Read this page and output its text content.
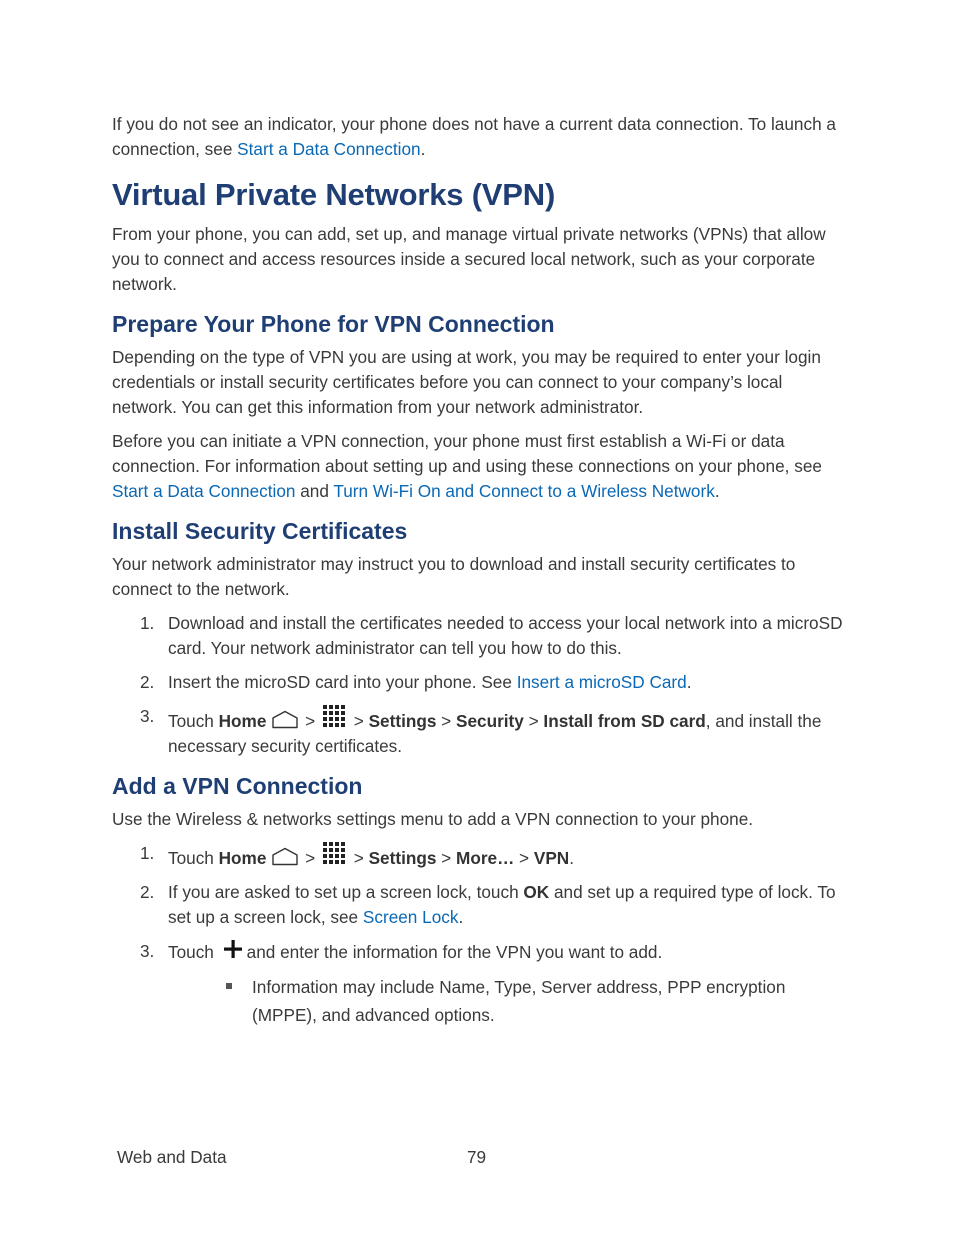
If you do not see an indicator, your phone does not have a current data connection. To launch a connection, see Start a Data Connection.

Virtual Private Networks (VPN)

From your phone, you can add, set up, and manage virtual private networks (VPNs) that allow you to connect and access resources inside a secured local network, such as your corporate network.

Prepare Your Phone for VPN Connection

Depending on the type of VPN you are using at work, you may be required to enter your login credentials or install security certificates before you can connect to your company’s local network. You can get this information from your network administrator.

Before you can initiate a VPN connection, your phone must first establish a Wi-Fi or data connection. For information about setting up and using these connections on your phone, see Start a Data Connection and Turn Wi-Fi On and Connect to a Wireless Network.

Install Security Certificates

Your network administrator may instruct you to download and install security certificates to connect to the network.

1. Download and install the certificates needed to access your local network into a microSD card. Your network administrator can tell you how to do this.
2. Insert the microSD card into your phone. See Insert a microSD Card.
3. Touch Home >  > Settings > Security > Install from SD card, and install the necessary security certificates.
Add a VPN Connection

Use the Wireless & networks settings menu to add a VPN connection to your phone.

1. Touch Home >  > Settings > More… > VPN.
2. If you are asked to set up a screen lock, touch OK and set up a required type of lock. To set up a screen lock, see Screen Lock.
3. Touch and enter the information for the VPN you want to add.
Information may include Name, Type, Server address, PPP encryption (MPPE), and advanced options.
Web and Data	79
